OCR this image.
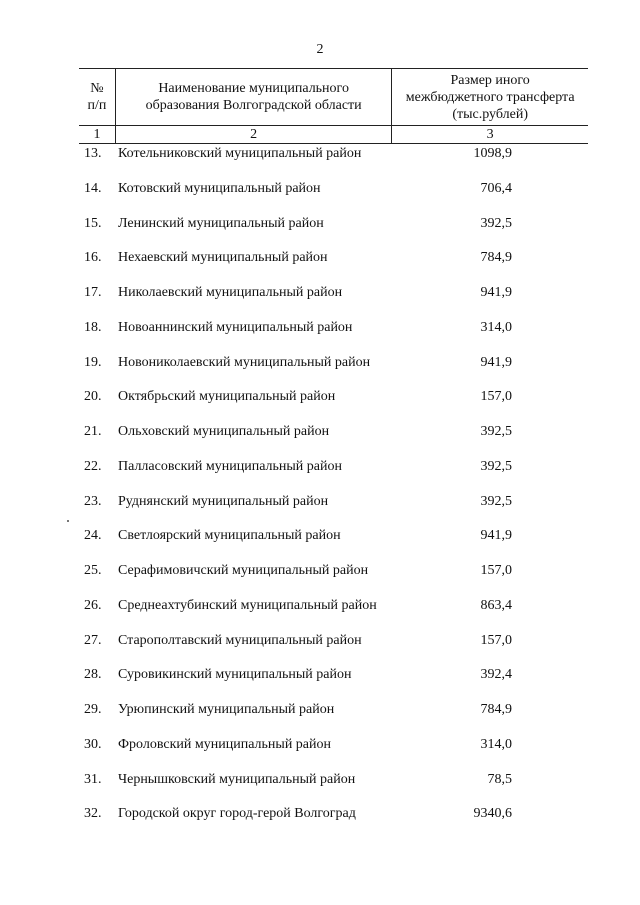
2
№
п/п
Наименование муниципального
образования Волгоградской области
Размер иного
межбюджетного трансферта
(тыс.рублей)
1	2	3
13. Котельниковский муниципальный район	1098,9
14. Котовский муниципальный район	706,4
15. Ленинский муниципальный район	392,5
16. Нехаевский муниципальный район	784,9
17. Николаевский муниципальный район	941,9
18. Новоаннинский муниципальный район	314,0
19. Новониколаевский муниципальный район	941,9
20. Октябрьский муниципальный район	157,0
21. Ольховский муниципальный район	392,5
22. Палласовский муниципальный район	392,5
23. Руднянский муниципальный район	392,5
24. Светлоярский муниципальный район	941,9
25. Серафимовичский муниципальный район	157,0
26. Среднеахтубинский муниципальный район	863,4
27. Старополтавский муниципальный район	157,0
28. Суровикинский муниципальный район	392,4
29. Урюпинский муниципальный район	784,9
30. Фроловский муниципальный район	314,0
31. Чернышковский муниципальный район	78,5
32. Городской округ город-герой Волгоград	9340,6
